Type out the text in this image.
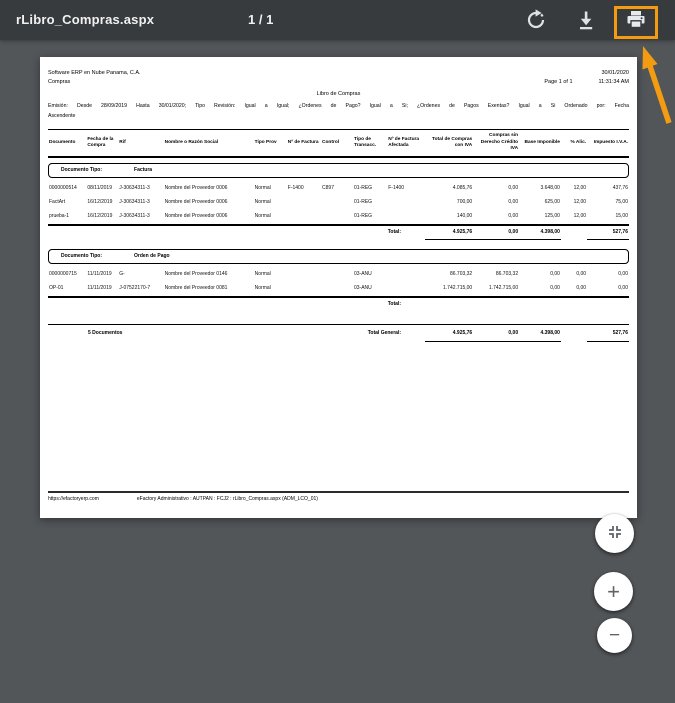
rLibro_Compras.aspx	1 / 1
Software ERP en Nube Panama, C.A.	30/01/2020
Compras	Page 1 of 1	11:31:34 AM
Libro de Compras
Emisión: Desde 28/09/2019 Hasta 30/01/2020; Tipo Revisión: Igual a Igual; ¿Ordenes de Pago? Igual a Si; ¿Ordenes de Pagos Exentas? Igual a Si Ordenado por: Fecha
Ascendente
Documento	Fecha de la Compra	Rif	Nombre o Razón Social	Tipo Prov	Nº de Factura	Control	Tipo de Transacc.	Nº de Factura Afectada	Total de Compras con IVA	Compras sin Derecho Crédito IVA	Base Imponible	% Alic.	Impuesto I.V.A.
Documento Tipo:	Factura
0000000514	08/11/2019	J-30634311-3	Nombre del Proveedor 0006	Normal	F-1400	C897	01-REG	F-1400	4.085,76	0,00	3.648,00	12,00	437,76
FactArt	16/12/2019	J-30634311-3	Nombre del Proveedor 0006	Normal			01-REG		700,00	0,00	625,00	12,00	75,00
prueba-1	16/12/2019	J-30634311-3	Nombre del Proveedor 0006	Normal			01-REG		140,00	0,00	125,00	12,00	15,00
Total:									4.925,76	0,00	4.398,00		527,76
Documento Tipo:	Orden de Pago
0000000715	11/11/2019	G-	Nombre del Proveedor 0146	Normal			03-ANU		86.703,32	86.703,32	0,00	0,00	0,00
OP-01	11/11/2019	J-07522170-7	Nombre del Proveedor 0081	Normal			03-ANU		1.742.715,00	1.742.715,00	0,00	0,00	0,00
Total:													
5 Documentos	Total General:	4.925,76	0,00	4.398,00		527,76
https://efactoryerp.com	eFactory Administrativo : AUTPAN : FCJ2 : rLibro_Compras.aspx (ADM_LCO_01)
+
−
